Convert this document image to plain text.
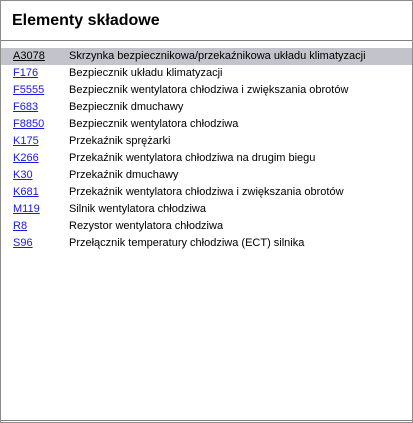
Elementy składowe
A3078 Skrzynka bezpiecznikowa/przekaźnikowa układu klimatyzacji
F176	Bezpiecznik układu klimatyzacji
F5555 Bezpiecznik wentylatora chłodziwa i zwiększania obrotów
F683	Bezpiecznik dmuchawy
F8850 Bezpiecznik wentylatora chłodziwa
K175	Przekaźnik sprężarki
K266	Przekaźnik wentylatora chłodziwa na drugim biegu
K30	Przekaźnik dmuchawy
K681	Przekaźnik wentylatora chłodziwa i zwiększania obrotów
M119	Silnik wentylatora chłodziwa
R8	Rezystor wentylatora chłodziwa
S96	Przełącznik temperatury chłodziwa (ECT) silnika
